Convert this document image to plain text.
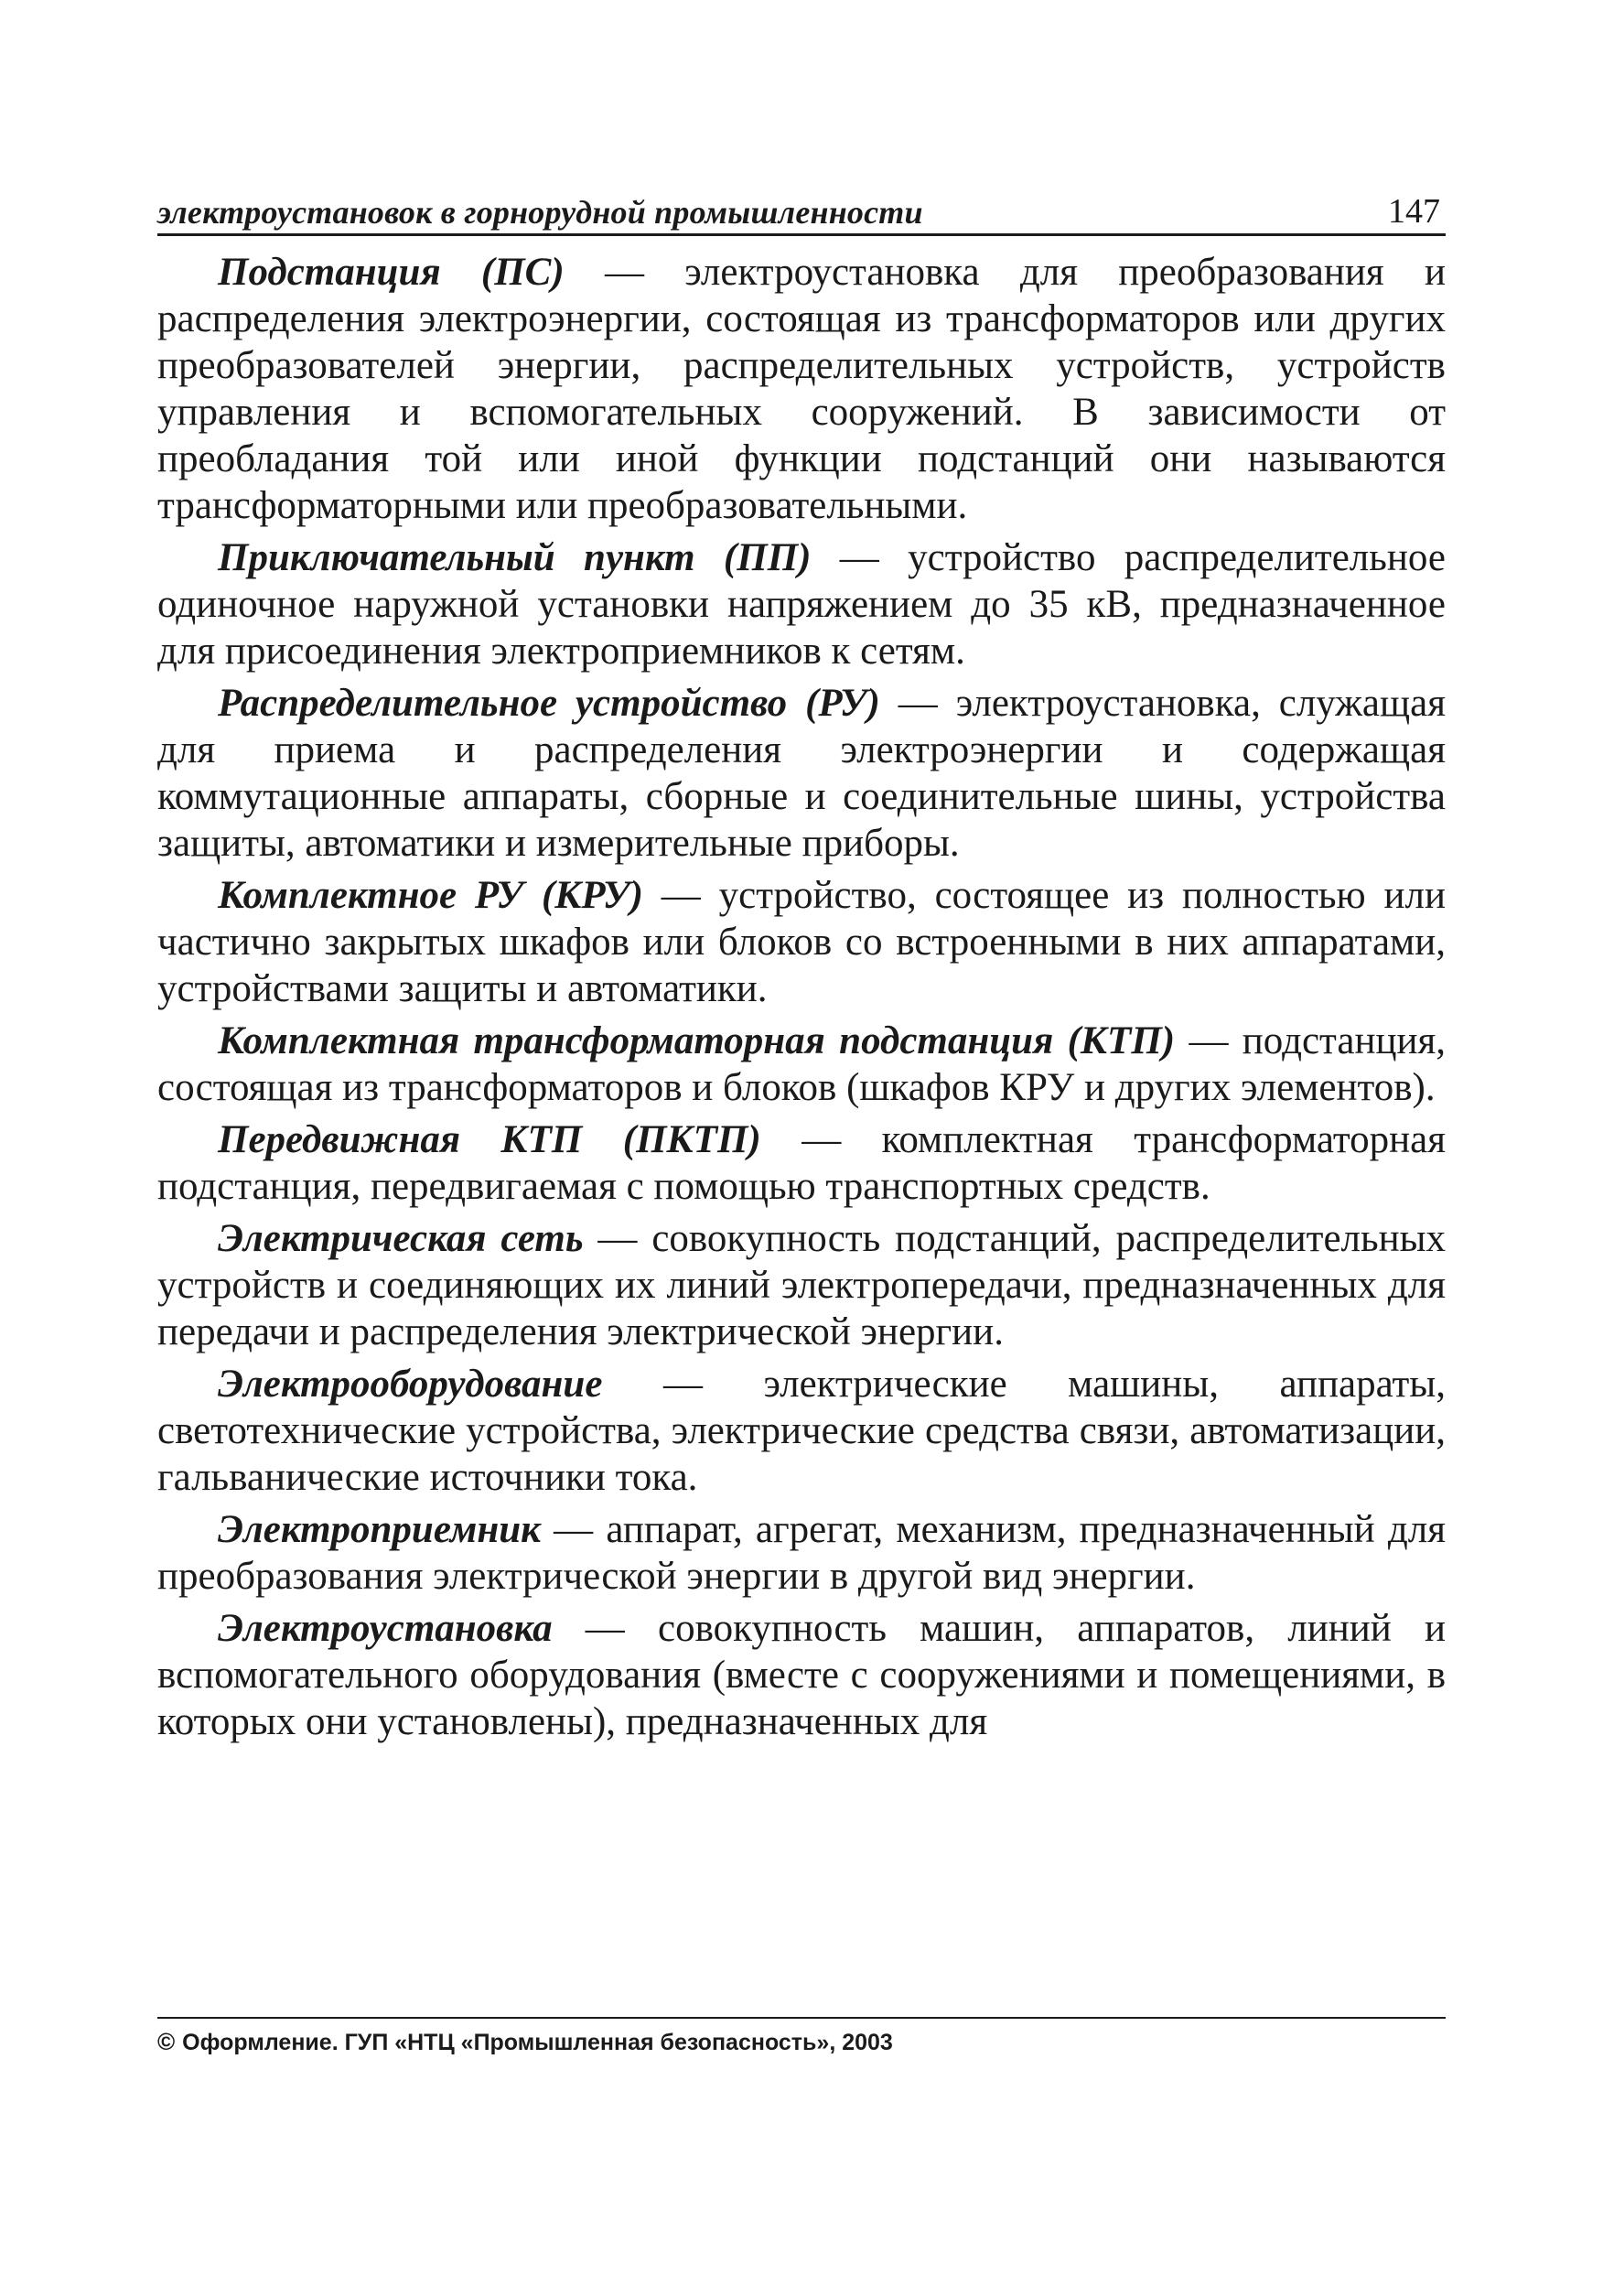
электроустановок в горнорудной промышленности	147

Подстанция (ПС) — электроустановка для преобразования и распределения электроэнергии, состоящая из трансформаторов или других преобразователей энергии, распределительных устройств, устройств управления и вспомогательных сооружений. В зависимости от преобладания той или иной функции подстанций они называются трансформаторными или преобразовательными.

Приключательный пункт (ПП) — устройство распределительное одиночное наружной установки напряжением до 35 кВ, предназначенное для присоединения электроприемников к сетям.

Распределительное устройство (РУ) — электроустановка, служащая для приема и распределения электроэнергии и содержащая коммутационные аппараты, сборные и соединительные шины, устройства защиты, автоматики и измерительные приборы.

Комплектное РУ (КРУ) — устройство, состоящее из полностью или частично закрытых шкафов или блоков со встроенными в них аппаратами, устройствами защиты и автоматики.

Комплектная трансформаторная подстанция (КТП) — подстанция, состоящая из трансформаторов и блоков (шкафов КРУ и других элементов).

Передвижная КТП (ПКТП) — комплектная трансформаторная подстанция, передвигаемая с помощью транспортных средств.

Электрическая сеть — совокупность подстанций, распределительных устройств и соединяющих их линий электропередачи, предназначенных для передачи и распределения электрической энергии.

Электрооборудование — электрические машины, аппараты, светотехнические устройства, электрические средства связи, автоматизации, гальванические источники тока.

Электроприемник — аппарат, агрегат, механизм, предназначенный для преобразования электрической энергии в другой вид энергии.

Электроустановка — совокупность машин, аппаратов, линий и вспомогательного оборудования (вместе с сооружениями и помещениями, в которых они установлены), предназначенных для

© Оформление. ГУП «НТЦ «Промышленная безопасность», 2003
